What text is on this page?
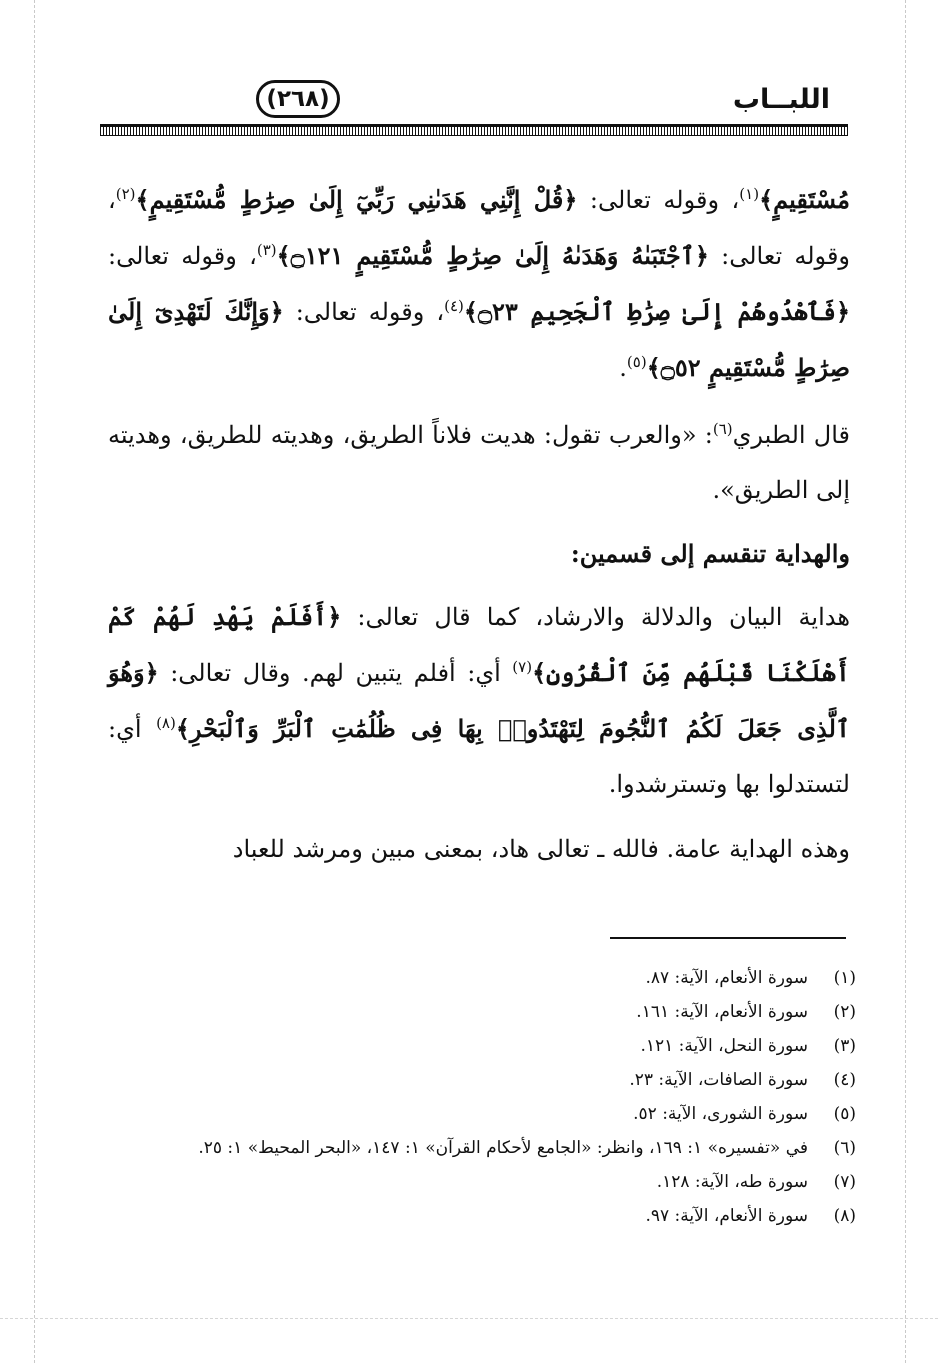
اللبــاب
(٢٦٨)

مُسْتَقِيمٍ﴾$^{(١)}$، وقوله تعالى: ﴿قُلْ إِنَّنِي هَدَىٰنِي رَبِّيٓ إِلَىٰ صِرَٰطٍ مُّسْتَقِيمٍ﴾$^{(٢)}$، وقوله تعالى: ﴿ٱجْتَبَىٰهُ وَهَدَىٰهُ إِلَىٰ صِرَٰطٍ مُّسْتَقِيمٍ ۝١٢١﴾$^{(٣)}$، وقوله تعالى: ﴿فَٱهْدُوهُمْ إِلَىٰ صِرَٰطِ ٱلْجَحِيمِ ۝٢٣﴾$^{(٤)}$، وقوله تعالى: ﴿وَإِنَّكَ لَتَهْدِىٓ إِلَىٰ صِرَٰطٍ مُّسْتَقِيمٍ ۝٥٢﴾$^{(٥)}$.

قال الطبري$^{(٦)}$: «والعرب تقول: هديت فلاناً الطريق، وهديته للطريق، وهديته إلى الطريق».

والهداية تنقسم إلى قسمين:

هداية البيان والدلالة والارشاد، كما قال تعالى: ﴿أَفَلَمْ يَهْدِ لَهُمْ كَمْ أَهْلَكْنَا قَبْلَهُم مِّنَ ٱلْقُرُونِ﴾$^{(٧)}$ أي: أفلم يتبين لهم. وقال تعالى: ﴿وَهُوَ ٱلَّذِى جَعَلَ لَكُمُ ٱلنُّجُومَ لِتَهْتَدُوا۟ بِهَا فِى ظُلُمَٰتِ ٱلْبَرِّ وَٱلْبَحْرِ﴾$^{(٨)}$ أي: لتستدلوا بها وتسترشدوا.

وهذه الهداية عامة. فالله ـ تعالى هاد، بمعنى مبين ومرشد للعباد

(١)
سورة الأنعام، الآية: ٨٧.
(٢)
سورة الأنعام، الآية: ١٦١.
(٣)
سورة النحل، الآية: ١٢١.
(٤)
سورة الصافات، الآية: ٢٣.
(٥)
سورة الشورى، الآية: ٥٢.
(٦)
في «تفسيره» ١: ١٦٩، وانظر: «الجامع لأحكام القرآن» ١: ١٤٧، «البحر المحيط» ١: ٢٥.
(٧)
سورة طه، الآية: ١٢٨.
(٨)
سورة الأنعام، الآية: ٩٧.
